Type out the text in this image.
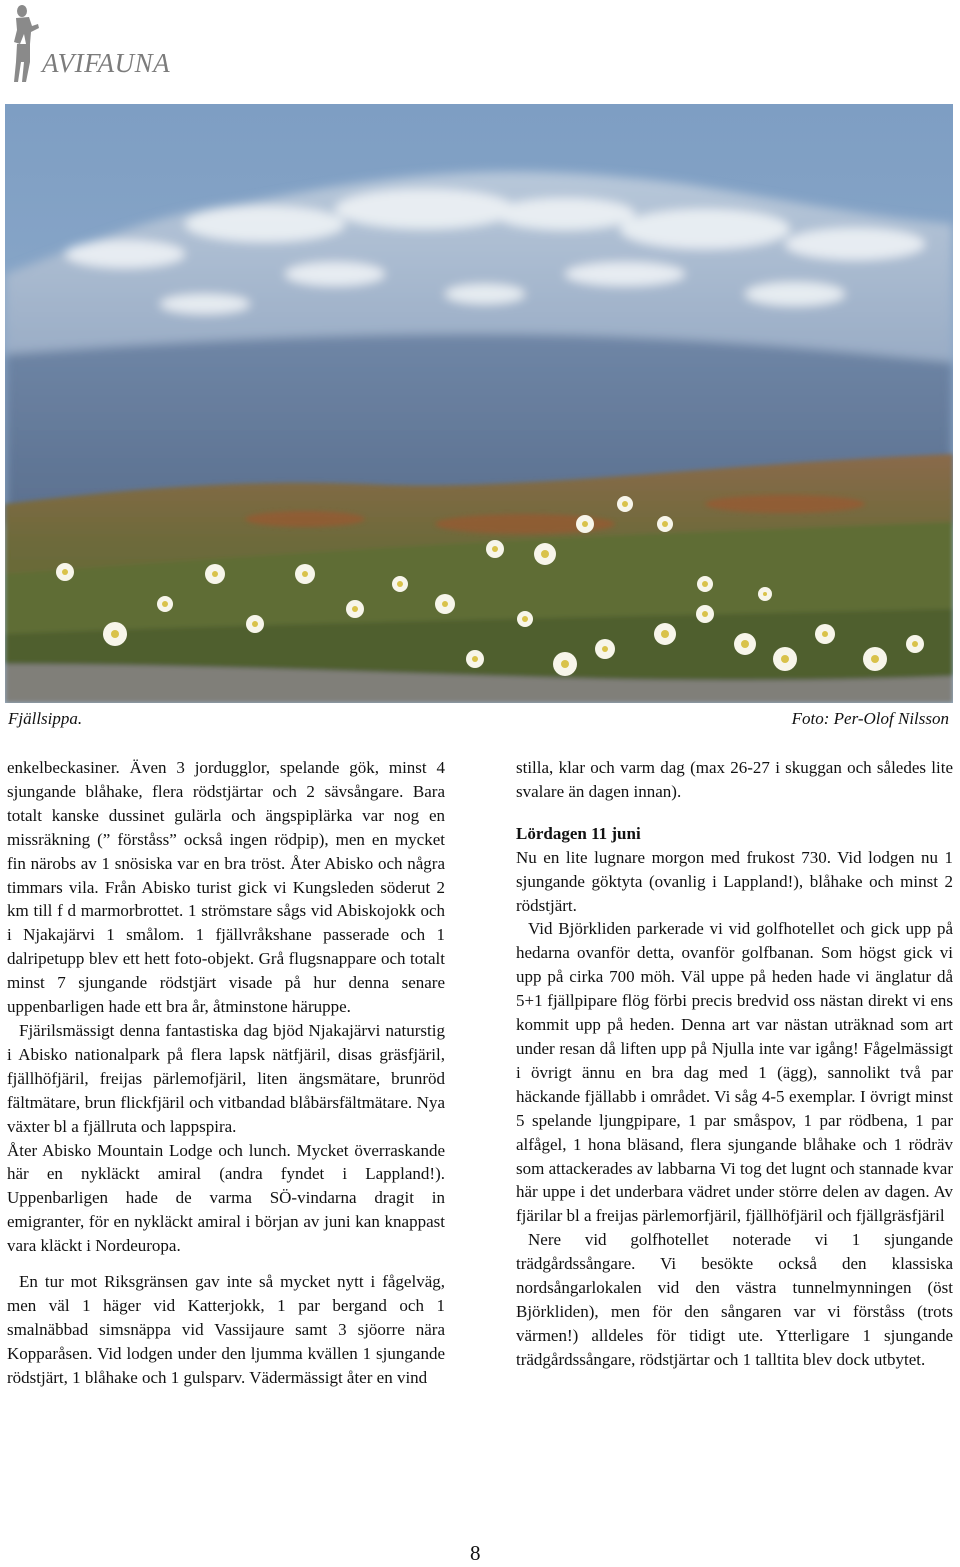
AVIFAUNA
Fjällsippa.	Foto: Per-Olof Nilsson

enkelbeckasiner. Även 3 jordugglor, spelande gök, minst 4 sjungande blåhake, flera rödstjärtar och 2 sävsångare. Bara totalt kanske dussinet gulärla och ängspiplärka var nog en missräkning (” förståss” också ingen rödpip), men en mycket fin närobs av 1 snösiska var en bra tröst. Åter Abisko och några timmars vila. Från Abisko turist gick vi Kungsleden söderut 2 km till f d marmorbrottet. 1 strömstare sågs vid Abiskojokk och i Njakajärvi 1 smålom. 1 fjällvråkshane passerade och 1 dalripetupp blev ett hett foto-objekt. Grå flugsnappare och totalt minst 7 sjungande rödstjärt visade på hur denna senare uppenbarligen hade ett bra år, åtminstone häruppe.

Fjärilsmässigt denna fantastiska dag bjöd Njakajärvi naturstig i Abisko nationalpark på flera lapsk nätfjäril, disas gräsfjäril, fjällhöfjäril, freijas pärlemofjäril, liten ängsmätare, brunröd fältmätare, brun flickfjäril och vitbandad blåbärsfältmätare. Nya växter bl a fjällruta och lappspira.

Åter Abisko Mountain Lodge och lunch. Mycket överraskande här en nykläckt amiral (andra fyndet i Lappland!). Uppenbarligen hade de varma SÖ-vindarna dragit in emigranter, för en nykläckt amiral i början av juni kan knappast vara kläckt i Nordeuropa.

En tur mot Riksgränsen gav inte så mycket nytt i fågelväg, men väl 1 häger vid Katterjokk, 1 par bergand och 1 smalnäbbad simsnäppa vid Vassijaure samt 3 sjöorre nära Kopparåsen. Vid lodgen under den ljumma kvällen 1 sjungande rödstjärt, 1 blåhake och 1 gulsparv. Vädermässigt åter en vind

stilla, klar och varm dag (max 26-27 i skuggan och således lite svalare än dagen innan).

Lördagen 11 juni

Nu en lite lugnare morgon med frukost 730. Vid lodgen nu 1 sjungande göktyta (ovanlig i Lappland!), blåhake och minst 2 rödstjärt.

Vid Björkliden parkerade vi vid golfhotellet och gick upp på hedarna ovanför detta, ovanför golfbanan. Som högst gick vi upp på cirka 700 möh. Väl uppe på heden hade vi änglatur då 5+1 fjällpipare flög förbi precis bredvid oss nästan direkt vi ens kommit upp på heden. Denna art var nästan uträknad som art under resan då liften upp på Njulla inte var igång! Fågelmässigt i övrigt ännu en bra dag med 1 (ägg), sannolikt två par häckande fjällabb i området. Vi såg 4-5 exemplar. I övrigt minst 5 spelande ljungpipare, 1 par småspov, 1 par rödbena, 1 par alfågel, 1 hona bläsand, flera sjungande blåhake och 1 rödräv som attackerades av labbarna Vi tog det lugnt och stannade kvar här uppe i det underbara vädret under större delen av dagen. Av fjärilar bl a freijas pärlemorfjäril, fjällhöfjäril och fjällgräsfjäril

Nere vid golfhotellet noterade vi 1 sjungande trädgårdssångare. Vi besökte också den klassiska nordsångarlokalen vid den västra tunnelmynningen (öst Björkliden), men för den sångaren var vi förståss (trots värmen!) alldeles för tidigt ute. Ytterligare 1 sjungande trädgårdssångare, rödstjärtar och 1 talltita blev dock utbytet.

8
